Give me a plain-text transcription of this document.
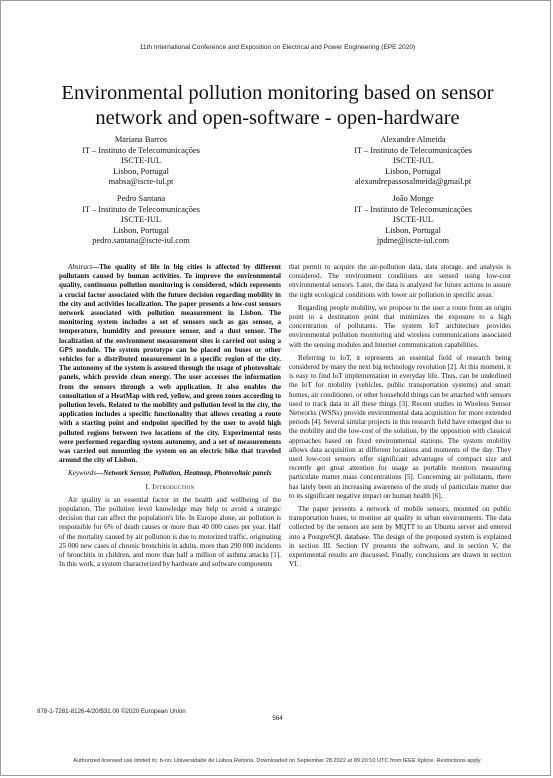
11th International Conference and Exposition on Electrical and Power Engineering (EPE 2020)
Environmental pollution monitoring based on sensor
network and open-software - open-hardware
Mariana Barros
IT – Instituto de Telecomunicações
ISCTE-IUL
Lisbon, Portugal
mabsa@iscte-iul.pt
Alexandre Almeida
IT – Instituto de Telecomunicações
ISCTE-IUL
Lisbon, Portugal
alexandrepassosalmeida@gmail.pt
Pedro Santana
IT – Instituto de Telecomunicações
ISCTE-IUL
Lisbon, Portugal
pedro.santana@iscte-iul.com
João Monge
IT – Instituto de Telecomunicações
ISCTE-IUL
Lisbon, Portugal
jpdme@iscte-iul.com

Abstract—The quality of life in big cities is affected by different pollutants caused by human activities. To improve the environmental quality, continuous pollution monitoring is considered, which represents a crucial factor associated with the future decision regarding mobility in the city and activities localization. The paper presents a low-cost sensors network associated with pollution measurement in Lisbon. The monitoring system includes a set of sensors such as gas sensor, a temperature, humidity and pressure sensor, and a dust sensor. The localization of the environment measurement sites is carried out using a GPS module. The system prototype can be placed on buses or other vehicles for a distributed measurement in a specific region of the city. The autonomy of the system is assured through the usage of photovoltaic panels, which provide clean energy. The user accesses the information from the sensors through a web application. It also enables the consultation of a HeatMap with red, yellow, and green zones according to pollution levels. Related to the mobility and pollution level in the city, the application includes a specific functionality that allows creating a route with a starting point and endpoint specified by the user to avoid high polluted regions between two locations of the city. Experimental tests were performed regarding system autonomy, and a set of measurements was carried out mounting the system on an electric bike that traveled around the city of Lisbon.

Keywords—Network Sensor, Pollution, Heatmap, Photovoltaic panels

I. Introduction

Air quality is an essential factor in the health and wellbeing of the population. The pollution level knowledge may help to avoid a strategic decision that can affect the population's life. In Europe alone, air pollution is responsible for 6% of death causes or more than 40 000 cases per year. Half of the mortality caused by air pollution is due to motorized traffic, originating 25 000 new cases of chronic bronchitis in adults, more than 290 000 incidents of bronchitis in children, and more than half a million of asthma attacks [1]. In this work, a system characterized by hardware and software components

that permit to acquire the air-pollution data, data storage, and analysis is considered. The environment conditions are sensed using low-cost environmental sensors. Later, the data is analyzed for future actions to assure the right ecological conditions with lower air pollution in specific areas.

Regarding people mobility, we propose to the user a route from an origin point to a destination point that minimizes the exposure to a high concentration of pollutants. The system IoT architecture provides environmental pollution monitoring and wireless communications associated with the sensing modules and Internet communication capabilities.

Referring to IoT, it represents an essential field of research being considered by many the next big technology revolution [2]. At this moment, it is easy to find IoT implementation in everyday life. Thus, can be underlined the IoT for mobility (vehicles, public transportation systems) and smart homes, air conditioner, or other household things can be attached with sensors used to track data in all these things [3]. Recent studies in Wireless Sensor Networks (WSNs) provide environmental data acquisition for more extended periods [4]. Several similar projects in this research field have emerged due to the mobility and the low-cost of the solution, by the opposition with classical approaches based on fixed environmental stations. The system mobility allows data acquisition at different locations and moments of the day. They used low-cost sensors offer significant advantages of compact size and recently get great attention for usage as portable monitors measuring particulate matter mass concentrations [5]. Concerning air pollutants, there has lately been an increasing awareness of the study of particulate matter due to its significant negative impact on human health [6].

The paper presents a network of mobile sensors, mounted on public transportation buses, to monitor air quality in urban environments. The data collected by the sensors are sent by MQTT to an Ubuntu server and entered into a PostgreSQL database. The design of the proposed system is explained in section III. Section IV presents the software, and in section V, the experimental results are discussed. Finally, conclusions are drawn in section VI.

978-1-7281-8126-4/20/$31.00 ©2020 European Union
564
Authorized licensed use limited to: b-on: Universidade de Lisboa Reitoria. Downloaded on September 28,2022 at 09:20:10 UTC from IEEE Xplore. Restrictions apply.
